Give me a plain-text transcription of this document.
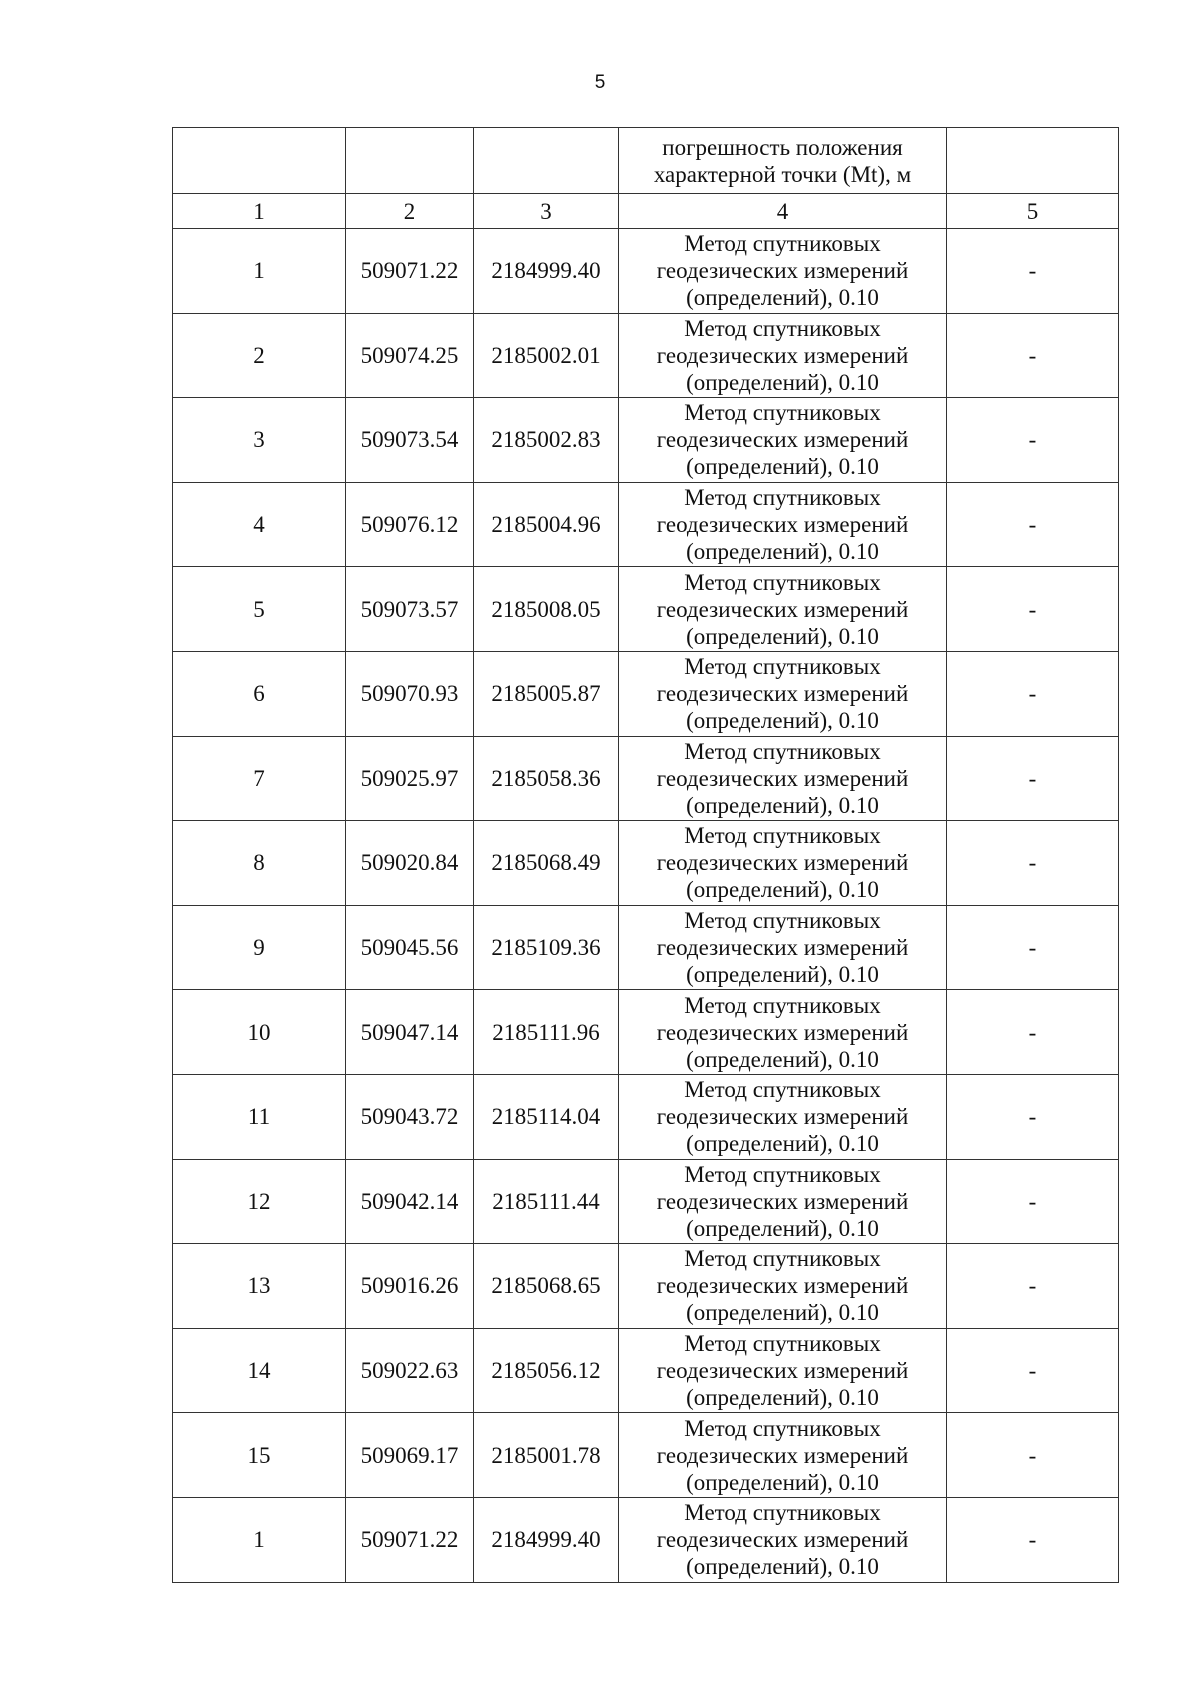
5

			погрешность положения
характерной точки (Mt), м	

1	2	3	4	5
1	509071.22	2184999.40	Метод спутниковых
геодезических измерений
(определений), 0.10	-
2	509074.25	2185002.01	Метод спутниковых
геодезических измерений
(определений), 0.10	-
3	509073.54	2185002.83	Метод спутниковых
геодезических измерений
(определений), 0.10	-
4	509076.12	2185004.96	Метод спутниковых
геодезических измерений
(определений), 0.10	-
5	509073.57	2185008.05	Метод спутниковых
геодезических измерений
(определений), 0.10	-
6	509070.93	2185005.87	Метод спутниковых
геодезических измерений
(определений), 0.10	-
7	509025.97	2185058.36	Метод спутниковых
геодезических измерений
(определений), 0.10	-
8	509020.84	2185068.49	Метод спутниковых
геодезических измерений
(определений), 0.10	-
9	509045.56	2185109.36	Метод спутниковых
геодезических измерений
(определений), 0.10	-
10	509047.14	2185111.96	Метод спутниковых
геодезических измерений
(определений), 0.10	-
11	509043.72	2185114.04	Метод спутниковых
геодезических измерений
(определений), 0.10	-
12	509042.14	2185111.44	Метод спутниковых
геодезических измерений
(определений), 0.10	-
13	509016.26	2185068.65	Метод спутниковых
геодезических измерений
(определений), 0.10	-
14	509022.63	2185056.12	Метод спутниковых
геодезических измерений
(определений), 0.10	-
15	509069.17	2185001.78	Метод спутниковых
геодезических измерений
(определений), 0.10	-
1	509071.22	2184999.40	Метод спутниковых
геодезических измерений
(определений), 0.10	-
